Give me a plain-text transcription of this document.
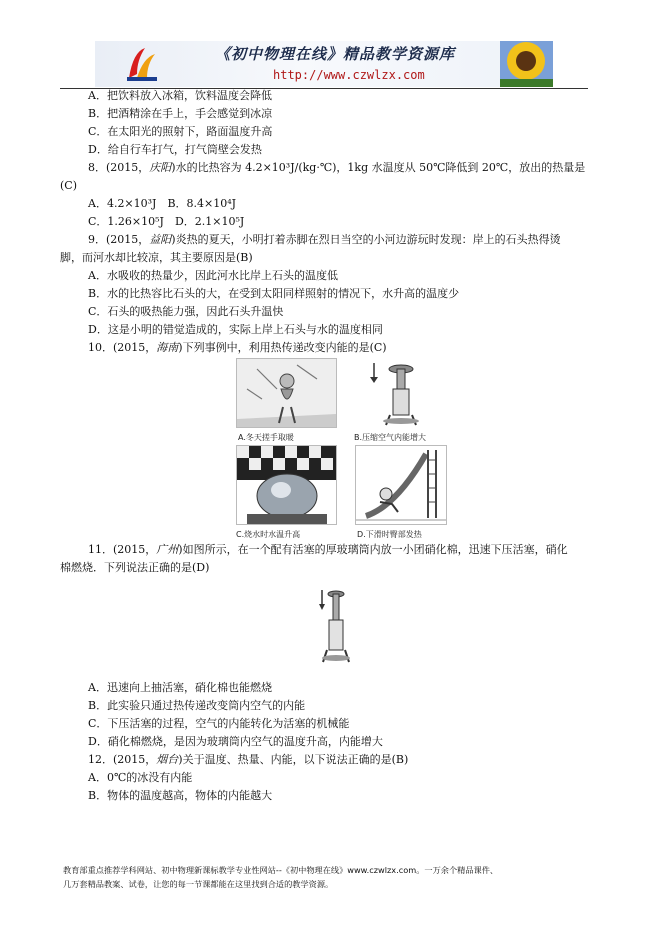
《初中物理在线》精品教学资源库
http://www.czwlzx.com
A．把饮料放入冰箱，饮料温度会降低
B．把酒精涂在手上，手会感觉到冰凉
C．在太阳光的照射下，路面温度升高
D．给自行车打气，打气筒壁会发热
8．(2015，庆阳)水的比热容为 4.2×10³J/(kg·℃)，1kg 水温度从 50℃降低到 20℃，放出的热量是
(C)
A．4.2×10³J　B．8.4×10⁴J
C．1.26×10⁵J　D．2.1×10⁵J
9．(2015，益阳)炎热的夏天，小明打着赤脚在烈日当空的小河边游玩时发现：岸上的石头热得烫
脚，而河水却比较凉，其主要原因是(B)
A．水吸收的热量少，因此河水比岸上石头的温度低
B．水的比热容比石头的大，在受到太阳同样照射的情况下，水升高的温度少
C．石头的吸热能力强，因此石头升温快
D．这是小明的错觉造成的，实际上岸上石头与水的温度相同
10．(2015，海南)下列事例中，利用热传递改变内能的是(C)
A.冬天搓手取暖	B.压缩空气内能增大
C.烧水时水温升高	D.下滑时臀部发热
11．(2015，广州)如图所示，在一个配有活塞的厚玻璃筒内放一小团硝化棉，迅速下压活塞，硝化
棉燃烧．下列说法正确的是(D)
A．迅速向上抽活塞，硝化棉也能燃烧
B．此实验只通过热传递改变筒内空气的内能
C．下压活塞的过程，空气的内能转化为活塞的机械能
D．硝化棉燃烧，是因为玻璃筒内空气的温度升高，内能增大
12．(2015，烟台)关于温度、热量、内能，以下说法正确的是(B)
A．0℃的冰没有内能
B．物体的温度越高，物体的内能越大
教育部重点推荐学科网站、初中物理新课标教学专业性网站--《初中物理在线》www.czwlzx.com。一万余个精品课件、
几万套精品教案、试卷，让您的每一节课都能在这里找到合适的教学资源。
